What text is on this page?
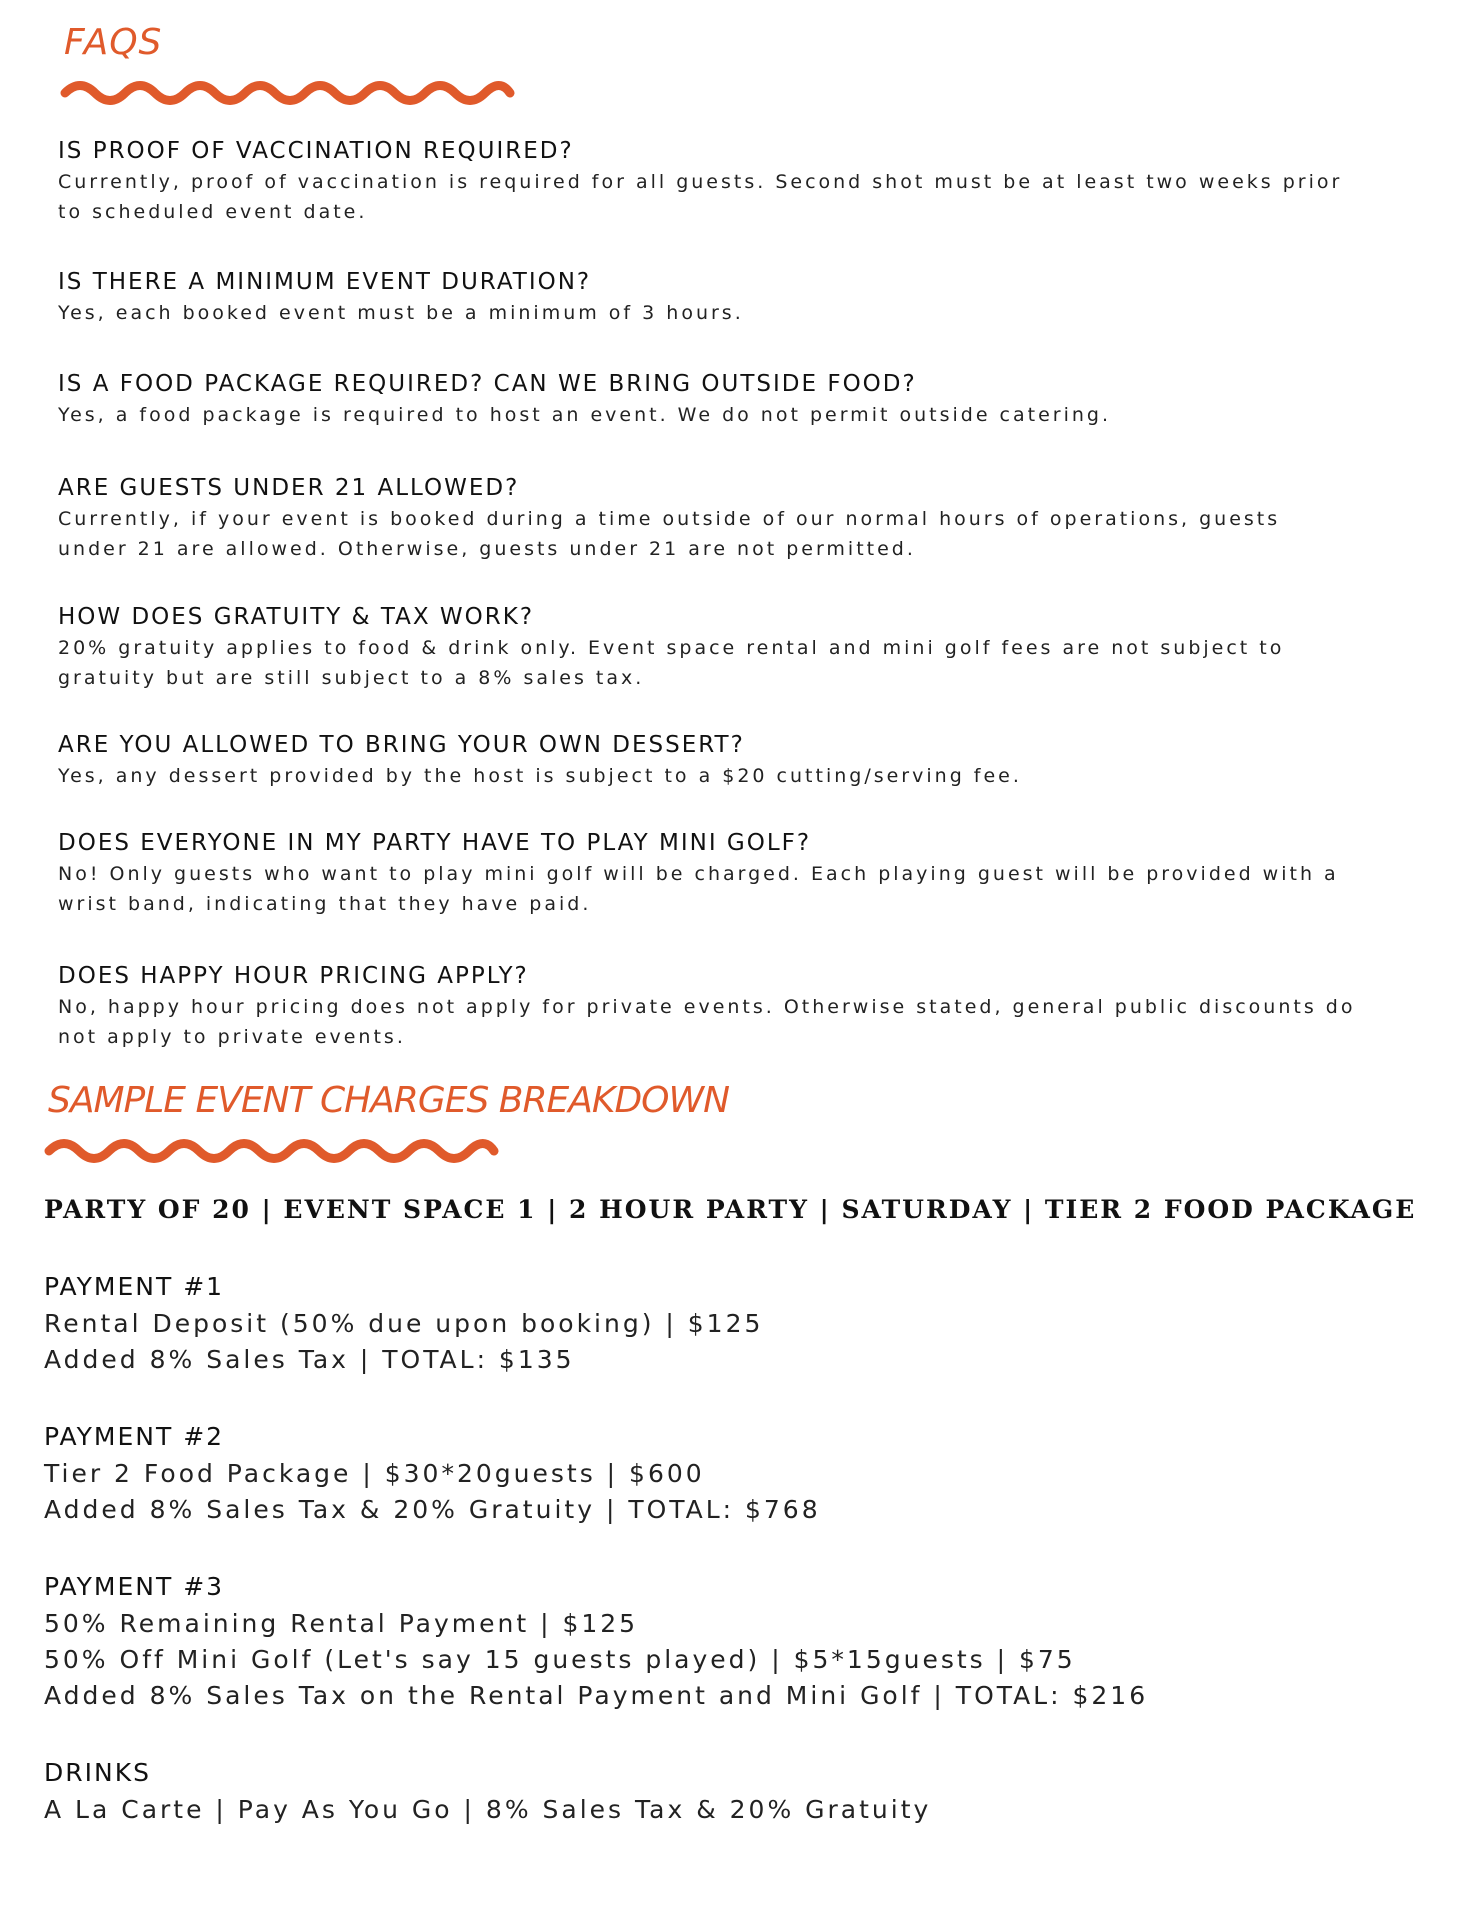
FAQS
IS PROOF OF VACCINATION REQUIRED?
Currently, proof of vaccination is required for all guests. Second shot must be at least two weeks prior to scheduled event date.
IS THERE A MINIMUM EVENT DURATION?
Yes, each booked event must be a minimum of 3 hours.
IS A FOOD PACKAGE REQUIRED? CAN WE BRING OUTSIDE FOOD?
Yes, a food package is required to host an event. We do not permit outside catering.
ARE GUESTS UNDER 21 ALLOWED?
Currently, if your event is booked during a time outside of our normal hours of operations, guests under 21 are allowed. Otherwise, guests under 21 are not permitted.
HOW DOES GRATUITY & TAX WORK?
20% gratuity applies to food & drink only. Event space rental and mini golf fees are not subject to gratuity but are still subject to a 8% sales tax.
ARE YOU ALLOWED TO BRING YOUR OWN DESSERT?
Yes, any dessert provided by the host is subject to a $20 cutting/serving fee.
DOES EVERYONE IN MY PARTY HAVE TO PLAY MINI GOLF?
No! Only guests who want to play mini golf will be charged. Each playing guest will be provided with a wrist band, indicating that they have paid.
DOES HAPPY HOUR PRICING APPLY?
No, happy hour pricing does not apply for private events. Otherwise stated, general public discounts do not apply to private events.
SAMPLE EVENT CHARGES BREAKDOWN
PARTY OF 20 | EVENT SPACE 1 | 2 HOUR PARTY | SATURDAY | TIER 2 FOOD PACKAGE
PAYMENT #1
Rental Deposit (50% due upon booking) | $125
Added 8% Sales Tax | TOTAL: $135
PAYMENT #2
Tier 2 Food Package | $30*20guests | $600
Added 8% Sales Tax & 20% Gratuity | TOTAL: $768
PAYMENT #3
50% Remaining Rental Payment | $125
50% Off Mini Golf (Let's say 15 guests played) | $5*15guests | $75
Added 8% Sales Tax on the Rental Payment and Mini Golf | TOTAL: $216
DRINKS
A La Carte | Pay As You Go | 8% Sales Tax & 20% Gratuity
